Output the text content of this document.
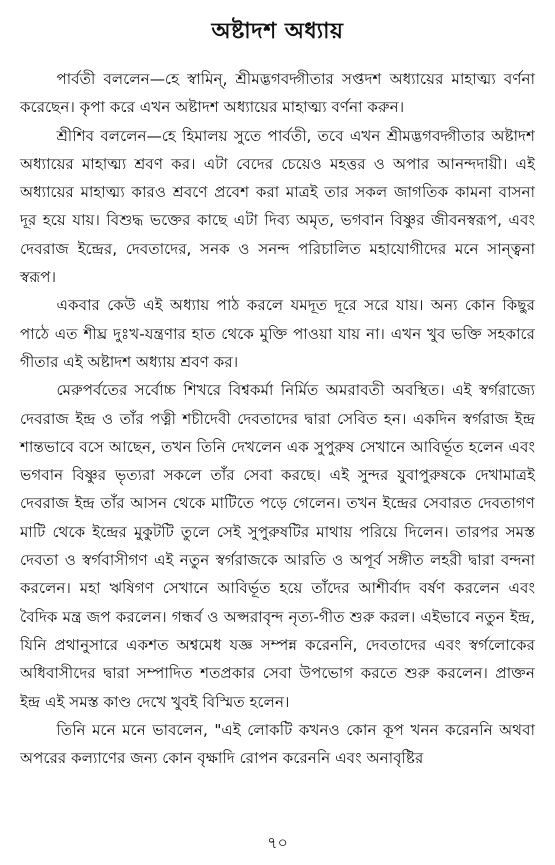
অষ্টাদশ অধ্যায়

পার্বতী বললেন—হে স্বামিন্, শ্রীমদ্ভগবদ্গীতার সপ্তদশ অধ্যায়ের মাহাত্ম্য বর্ণনা করেছেন। কৃপা করে এখন অষ্টাদশ অধ্যায়ের মাহাত্ম্য বর্ণনা করুন।

শ্রীশিব বললেন—হে হিমালয় সুতে পার্বতী, তবে এখন শ্রীমদ্ভগবদ্গীতার অষ্টাদশ অধ্যায়ের মাহাত্ম্য শ্রবণ কর। এটা বেদের চেয়েও মহত্তর ও অপার আনন্দদায়ী। এই অধ্যায়ের মাহাত্ম্য কারও শ্রবণে প্রবেশ করা মাত্রই তার সকল জাগতিক কামনা বাসনা দূর হয়ে যায়। বিশুদ্ধ ভক্তের কাছে এটা দিব্য অমৃত, ভগবান বিষ্ণুর জীবনস্বরূপ, এবং দেবরাজ ইন্দ্রের, দেবতাদের, সনক ও সনন্দ পরিচালিত মহাযোগীদের মনে সান্ত্বনা স্বরূপ।

একবার কেউ এই অধ্যায় পাঠ করলে যমদূত দূরে সরে যায়। অন্য কোন কিছুর পাঠে এত শীঘ্র দুঃখ-যন্ত্রণার হাত থেকে মুক্তি পাওয়া যায় না। এখন খুব ভক্তি সহকারে গীতার এই অষ্টাদশ অধ্যায় শ্রবণ কর।

মেরুপর্বতের সর্বোচ্চ শিখরে বিশ্বকর্মা নির্মিত অমরাবতী অবস্থিত। এই স্বর্গরাজ্যে দেবরাজ ইন্দ্র ও তাঁর পত্নী শচীদেবী দেবতাদের দ্বারা সেবিত হন। একদিন স্বর্গরাজ ইন্দ্র শান্তভাবে বসে আছেন, তখন তিনি দেখলেন এক সুপুরুষ সেখানে আবির্ভূত হলেন এবং ভগবান বিষ্ণুর ভৃত্যরা সকলে তাঁর সেবা করছে। এই সুন্দর যুবাপুরুষকে দেখামাত্রই দেবরাজ ইন্দ্র তাঁর আসন থেকে মাটিতে পড়ে গেলেন। তখন ইন্দ্রের সেবারত দেবতাগণ মাটি থেকে ইন্দ্রের মুকুটটি তুলে সেই সুপুরুষটির মাথায় পরিয়ে দিলেন। তারপর সমস্ত দেবতা ও স্বর্গবাসীগণ এই নতুন স্বর্গরাজকে আরতি ও অপূর্ব সঙ্গীত লহরী দ্বারা বন্দনা করলেন। মহা ঋষিগণ সেখানে আবির্ভূত হয়ে তাঁদের আশীর্বাদ বর্ষণ করলেন এবং বৈদিক মন্ত্র জপ করলেন। গন্ধর্ব ও অপ্সরাবৃন্দ নৃত্য-গীত শুরু করল। এইভাবে নতুন ইন্দ্র, যিনি প্রথানুসারে একশত অশ্বমেধ যজ্ঞ সম্পন্ন করেননি, দেবতাদের এবং স্বর্গলোকের অধিবাসীদের দ্বারা সম্পাদিত শতপ্রকার সেবা উপভোগ করতে শুরু করলেন। প্রাক্তন ইন্দ্র এই সমস্ত কাণ্ড দেখে খুবই বিস্মিত হলেন।

তিনি মনে মনে ভাবলেন, "এই লোকটি কখনও কোন কূপ খনন করেননি অথবা অপরের কল্যাণের জন্য কোন বৃক্ষাদি রোপন করেননি এবং অনাবৃষ্টির

৭০
